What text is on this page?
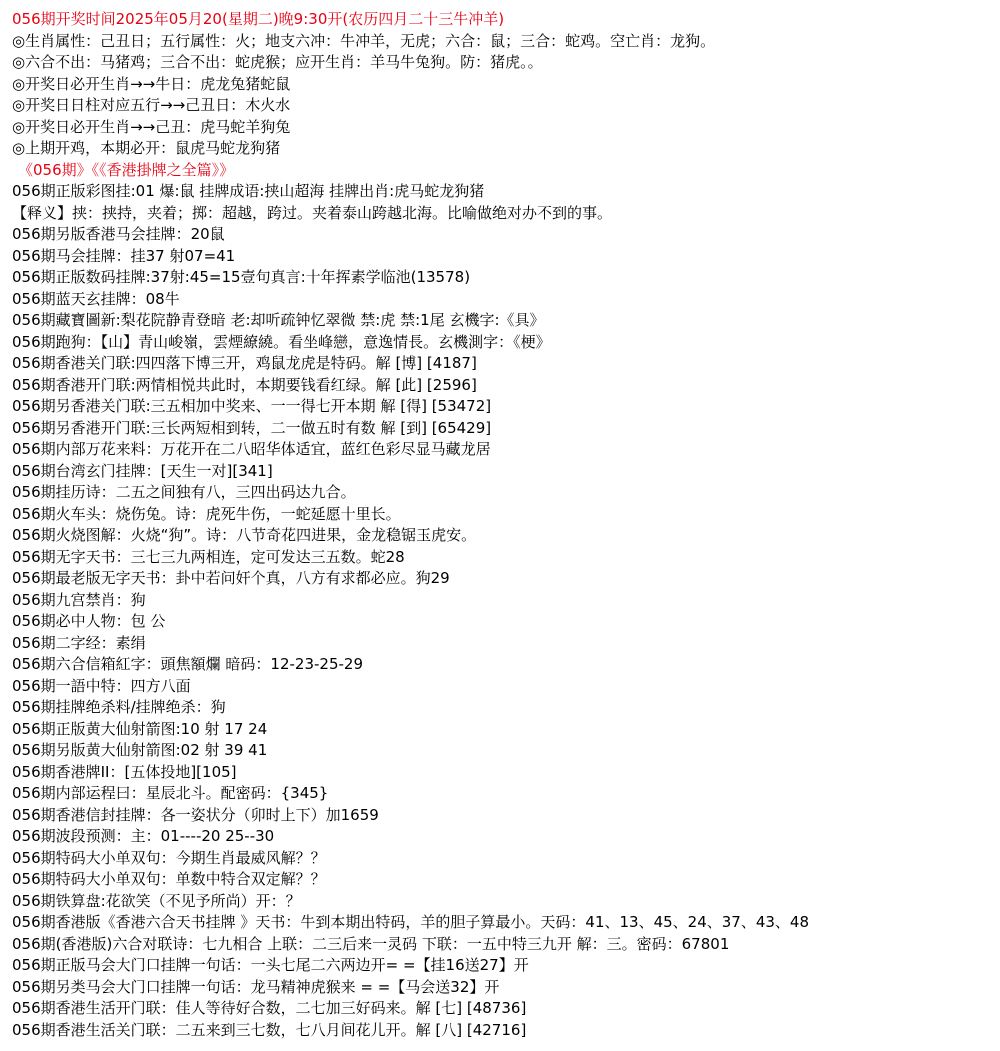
056期开奖时间2025年05月20(星期二)晚9:30开(农历四月二十三牛冲羊)
◎生肖属性：己丑日；五行属性：火；地支六冲：牛冲羊，无虎；六合：鼠；三合：蛇鸡。空亡肖：龙狗。
◎六合不出：马猪鸡；三合不出：蛇虎猴；应开生肖：羊马牛兔狗。防：猪虎。。
◎开奖日必开生肖→→牛日：虎龙兔猪蛇鼠
◎开奖日日柱对应五行→→己丑日：木火水
◎开奖日必开生肖→→己丑：虎马蛇羊狗兔
◎上期开鸡，本期必开：鼠虎马蛇龙狗猪
《056期》《《香港掛牌之全篇》》
056期正版彩图挂:01 爆:鼠 挂牌成语:挟山超海 挂牌出肖:虎马蛇龙狗猪
【释义】挟：挟持，夹着；掷：超越，跨过。夹着泰山跨越北海。比喻做绝对办不到的事。
056期另版香港马会挂牌：20鼠
056期马会挂牌：挂37 射07=41
056期正版数码挂牌:37射:45=15壹句真言:十年挥素学临池(13578)
056期蓝天玄挂牌：08牛
056期藏寶圖新:梨花院静青登暗 老:却听疏钟忆翠微 禁:虎 禁:1尾 玄機字:《具》
056期跑狗：【山】青山峻嶺，雲煙繚繞。看坐峰戀，意逸情長。玄機測字：《梗》
056期香港关门联:四四落下博三开，鸡鼠龙虎是特码。解 [博] [4187]
056期香港开门联:两情相悦共此时，本期要钱看红绿。解 [此] [2596]
056期另香港关门联:三五相加中奖来、一一得七开本期 解 [得] [53472]
056期另香港开门联:三长两短相到转，二一做五时有数 解 [到] [65429]
056期内部万花来料：万花开在二八昭华体适宜，蓝红色彩尽显马藏龙居
056期台湾玄门挂牌：[天生一对][341]
056期挂历诗：二五之间独有八，三四出码达九合。
056期火车头：烧伤兔。诗：虎死牛伤，一蛇延愿十里长。
056期火烧图解：火烧“狗”。诗：八节奇花四进果，金龙稳锯玉虎安。
056期无字天书：三七三九两相连，定可发达三五数。蛇28
056期最老版无字天书：卦中若问奸个真，八方有求都必应。狗29
056期九宫禁肖：狗
056期必中人物：包 公
056期二字经：素绢
056期六合信箱紅字：頭焦額爛 暗码：12-23-25-29
056期一語中特：四方八面
056期挂牌绝杀料/挂牌绝杀：狗
056期正版黄大仙射箭图:10 射 17 24
056期另版黄大仙射箭图:02 射 39 41
056期香港牌II：[五体投地][105]
056期内部运程曰：星辰北斗。配密码：{345}
056期香港信封挂牌：各一姿状分（卯时上下）加1659
056期波段预测：主：01----20 25--30
056期特码大小单双句：今期生肖最威风解？？
056期特码大小单双句：单数中特合双定解？？
056期铁算盘:花欲笑（不见予所尚）开：？
056期香港版《香港六合天书挂牌 》天书：牛到本期出特码，羊的胆子算最小。天码：41、13、45、24、37、43、48
056期(香港版)六合对联诗：七九相合 上联：二三后来一灵码 下联：一五中特三九开 解：三。密码：67801
056期正版马会大门口挂牌一句话：一头七尾二六两边开= =【挂16送27】开
056期另类马会大门口挂牌一句话：龙马精神虎猴来 = =【马会送32】开
056期香港生活开门联：佳人等待好合数，二七加三好码来。解 [七] [48736]
056期香港生活关门联：二五来到三七数，七八月间花儿开。解 [八] [42716]
